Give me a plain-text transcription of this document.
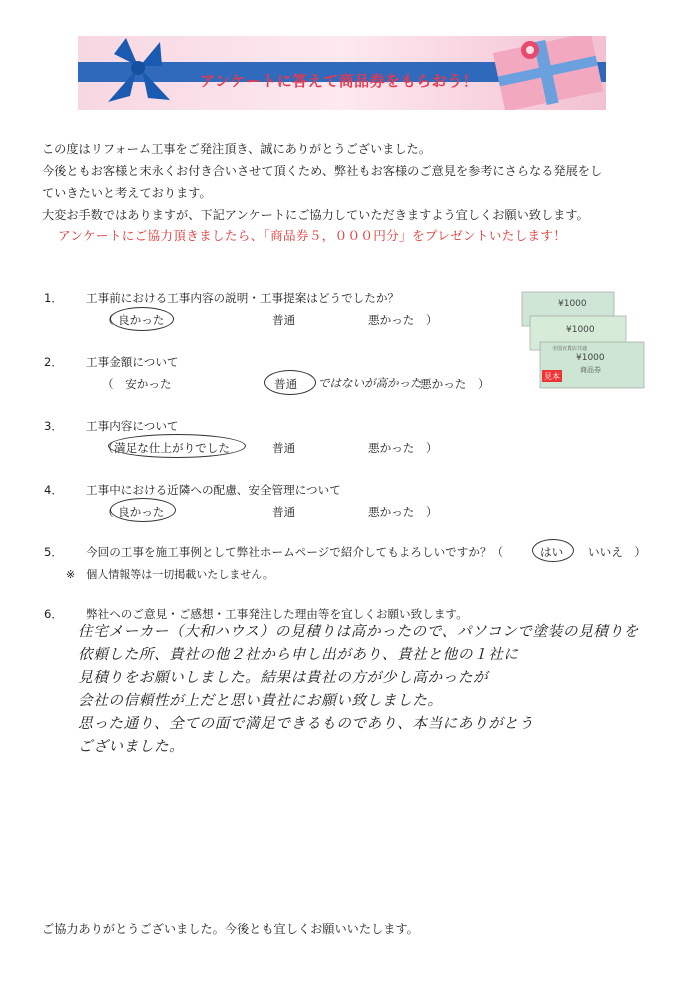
アンケートに答えて商品券をもらおう！

この度はリフォーム工事をご発注頂き、誠にありがとうございました。

今後ともお客様と末永くお付き合いさせて頂くため、弊社もお客様のご意見を参考にさらなる発展をし

ていきたいと考えております。

大変お手数ではありますが、下記アンケートにご協力していただきますよう宜しくお願い致します。

アンケートにご協力頂きましたら、「商品券５，０００円分」をプレゼントいたします！
1． 工事前における工事内容の説明・工事提案はどうでしたか？
（ 良かった	普通	悪かった　）
2． 工事金額について
（　安かった	普通 ではないが高かった
悪かった　）
¥1000
¥1000
全国百貨店共通
¥1000
商品券
見本
3． 工事内容について
（ 満足な仕上がりでした	普通	悪かった　）
4． 工事中における近隣への配慮、安全管理について
（ 良かった	普通	悪かった　）
5． 今回の工事を施工事例として弊社ホームページで紹介してもよろしいですか？（	はい いいえ　）
※　個人情報等は一切掲載いたしません。
6． 弊社へのご意見・ご感想・工事発注した理由等を宜しくお願い致します。

住宅メーカー（大和ハウス）の見積りは高かったので、パソコンで塗装の見積りを

依頼した所、貴社の他２社から申し出があり、貴社と他の１社に

見積りをお願いしました。結果は貴社の方が少し高かったが

会社の信頼性が上だと思い貴社にお願い致しました。

思った通り、全ての面で満足できるものであり、本当にありがとう

ございました。

ご協力ありがとうございました。今後とも宜しくお願いいたします。
